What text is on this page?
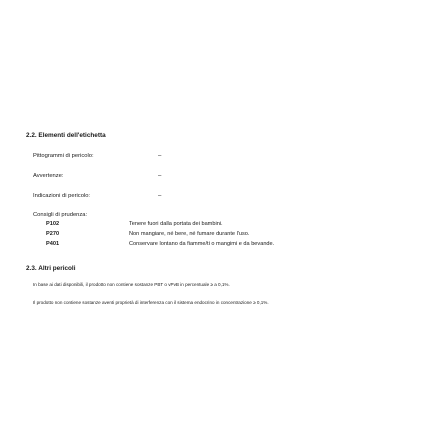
2.2. Elementi dell'etichetta
Pittogrammi di pericolo:	–
Avvertenze:	–
Indicazioni di pericolo:	–
Consigli di prudenza:
P102	Tenere fuori dalla portata dei bambini.
P270	Non mangiare, né bere, né fumare durante l'uso.
P401	Conservare lontano da fiamme/ti o mangimi e da bevande.
2.3. Altri pericoli
In base ai dati disponibili, il prodotto non contiene sostanze PBT o vPvB in percentuale ≥ a 0,1%.
Il prodotto non contiene sostanze aventi proprietà di interferenza con il sistema endocrino in concentrazione ≥ 0,1%.
